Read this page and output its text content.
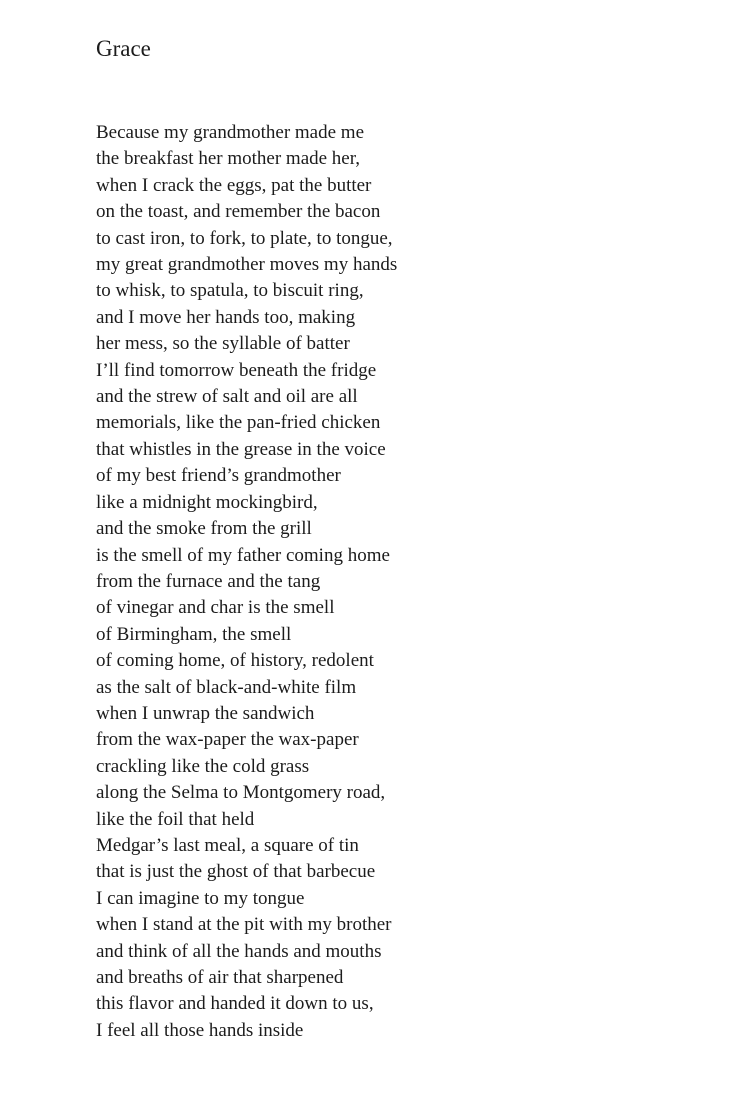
Grace
Because my grandmother made me
the breakfast her mother made her,
when I crack the eggs, pat the butter
on the toast, and remember the bacon
to cast iron, to fork, to plate, to tongue,
my great grandmother moves my hands
to whisk, to spatula, to biscuit ring,
and I move her hands too, making
her mess, so the syllable of batter
I’ll find tomorrow beneath the fridge
and the strew of salt and oil are all
memorials, like the pan-fried chicken
that whistles in the grease in the voice
of my best friend’s grandmother
like a midnight mockingbird,
and the smoke from the grill
is the smell of my father coming home
from the furnace and the tang
of vinegar and char is the smell
of Birmingham, the smell
of coming home, of history, redolent
as the salt of black-and-white film
when I unwrap the sandwich
from the wax-paper the wax-paper
crackling like the cold grass
along the Selma to Montgomery road,
like the foil that held
Medgar’s last meal, a square of tin
that is just the ghost of that barbecue
I can imagine to my tongue
when I stand at the pit with my brother
and think of all the hands and mouths
and breaths of air that sharpened
this flavor and handed it down to us,
I feel all those hands inside
